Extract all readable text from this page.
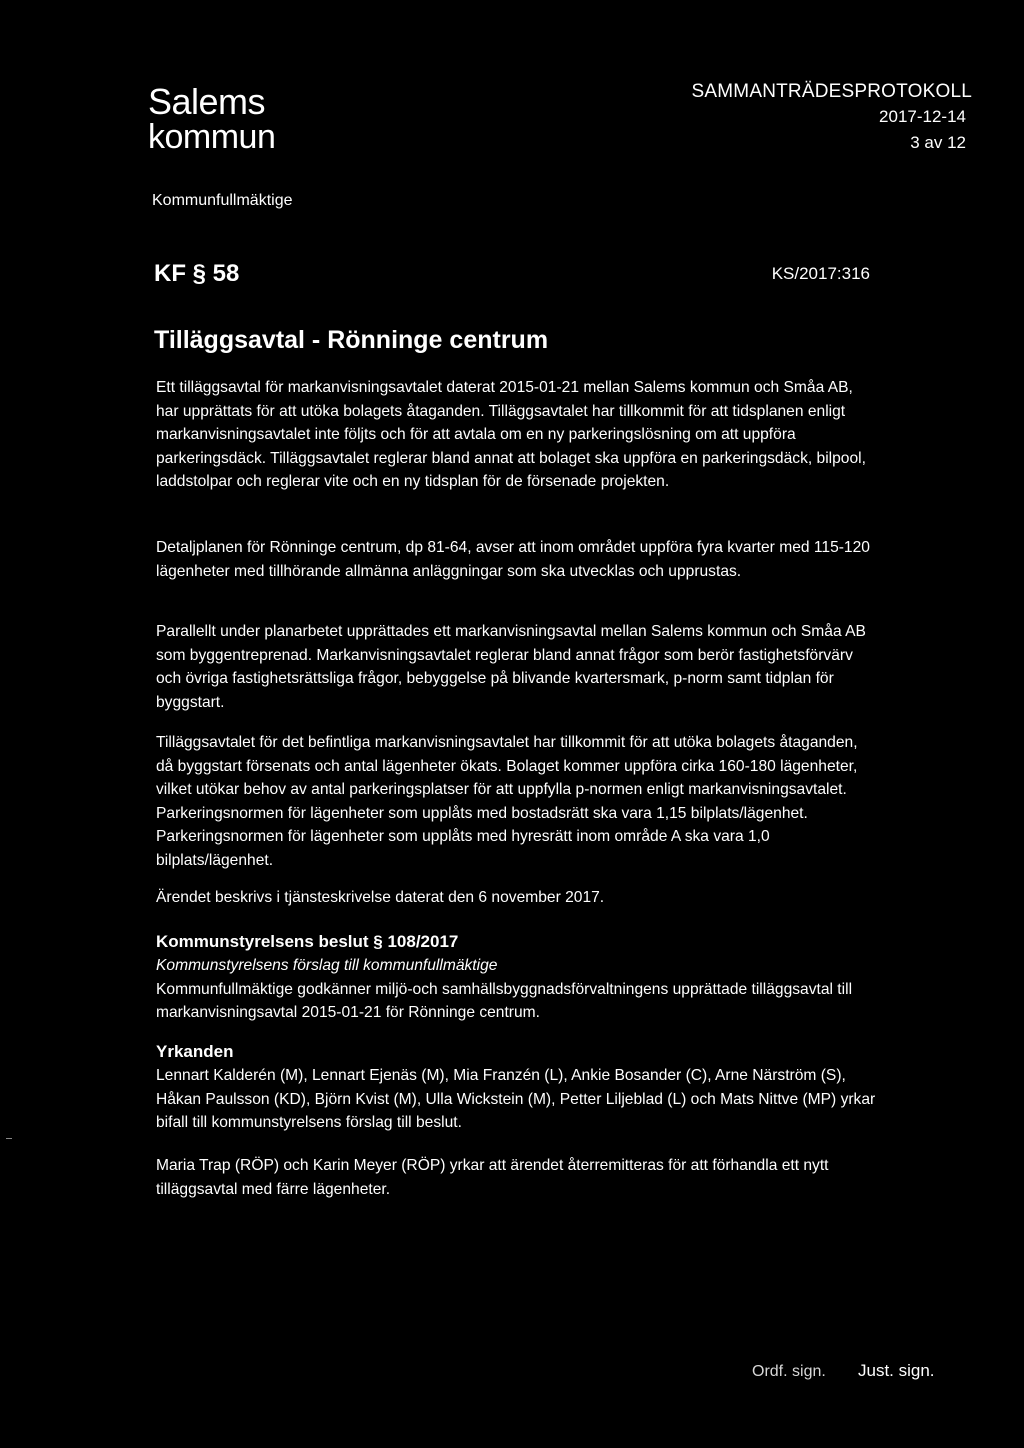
Salems
kommun
SAMMANTRÄDESPROTOKOLL
2017-12-14
3 av 12
Kommunfullmäktige
KF § 58	KS/2017:316
Tilläggsavtal - Rönninge centrum

Ett tilläggsavtal för markanvisningsavtalet daterat 2015-01-21 mellan Salems kommun och Småa AB, har upprättats för att utöka bolagets åtaganden. Tilläggsavtalet har tillkommit för att tidsplanen enligt markanvisningsavtalet inte följts och för att avtala om en ny parkeringslösning om att uppföra parkeringsdäck. Tilläggsavtalet reglerar bland annat att bolaget ska uppföra en parkeringsdäck, bilpool, laddstolpar och reglerar vite och en ny tidsplan för de försenade projekten.

Detaljplanen för Rönninge centrum, dp 81-64, avser att inom området uppföra fyra kvarter med 115-120 lägenheter med tillhörande allmänna anläggningar som ska utvecklas och upprustas.

Parallellt under planarbetet upprättades ett markanvisningsavtal mellan Salems kommun och Småa AB som byggentreprenad. Markanvisningsavtalet reglerar bland annat frågor som berör fastighetsförvärv och övriga fastighetsrättsliga frågor, bebyggelse på blivande kvartersmark, p-norm samt tidplan för byggstart.

Tilläggsavtalet för det befintliga markanvisningsavtalet har tillkommit för att utöka bolagets åtaganden, då byggstart försenats och antal lägenheter ökats. Bolaget kommer uppföra cirka 160-180 lägenheter, vilket utökar behov av antal parkeringsplatser för att uppfylla p-normen enligt markanvisningsavtalet. Parkeringsnormen för lägenheter som upplåts med bostadsrätt ska vara 1,15 bilplats/lägenhet. Parkeringsnormen för lägenheter som upplåts med hyresrätt inom område A ska vara 1,0 bilplats/lägenhet.

Ärendet beskrivs i tjänsteskrivelse daterat den 6 november 2017.

Kommunstyrelsens beslut § 108/2017

Kommunstyrelsens förslag till kommunfullmäktige

Kommunfullmäktige godkänner miljö-och samhällsbyggnadsförvaltningens upprättade tilläggsavtal till markanvisningsavtal 2015-01-21 för Rönninge centrum.

Yrkanden

Lennart Kalderén (M), Lennart Ejenäs (M), Mia Franzén (L), Ankie Bosander (C), Arne Närström (S), Håkan Paulsson (KD), Björn Kvist (M), Ulla Wickstein (M), Petter Liljeblad (L) och Mats Nittve (MP) yrkar bifall till kommunstyrelsens förslag till beslut.

Maria Trap (RÖP) och Karin Meyer (RÖP) yrkar att ärendet återremitteras för att förhandla ett nytt tilläggsavtal med färre lägenheter.

Ordf. sign. Just. sign.
